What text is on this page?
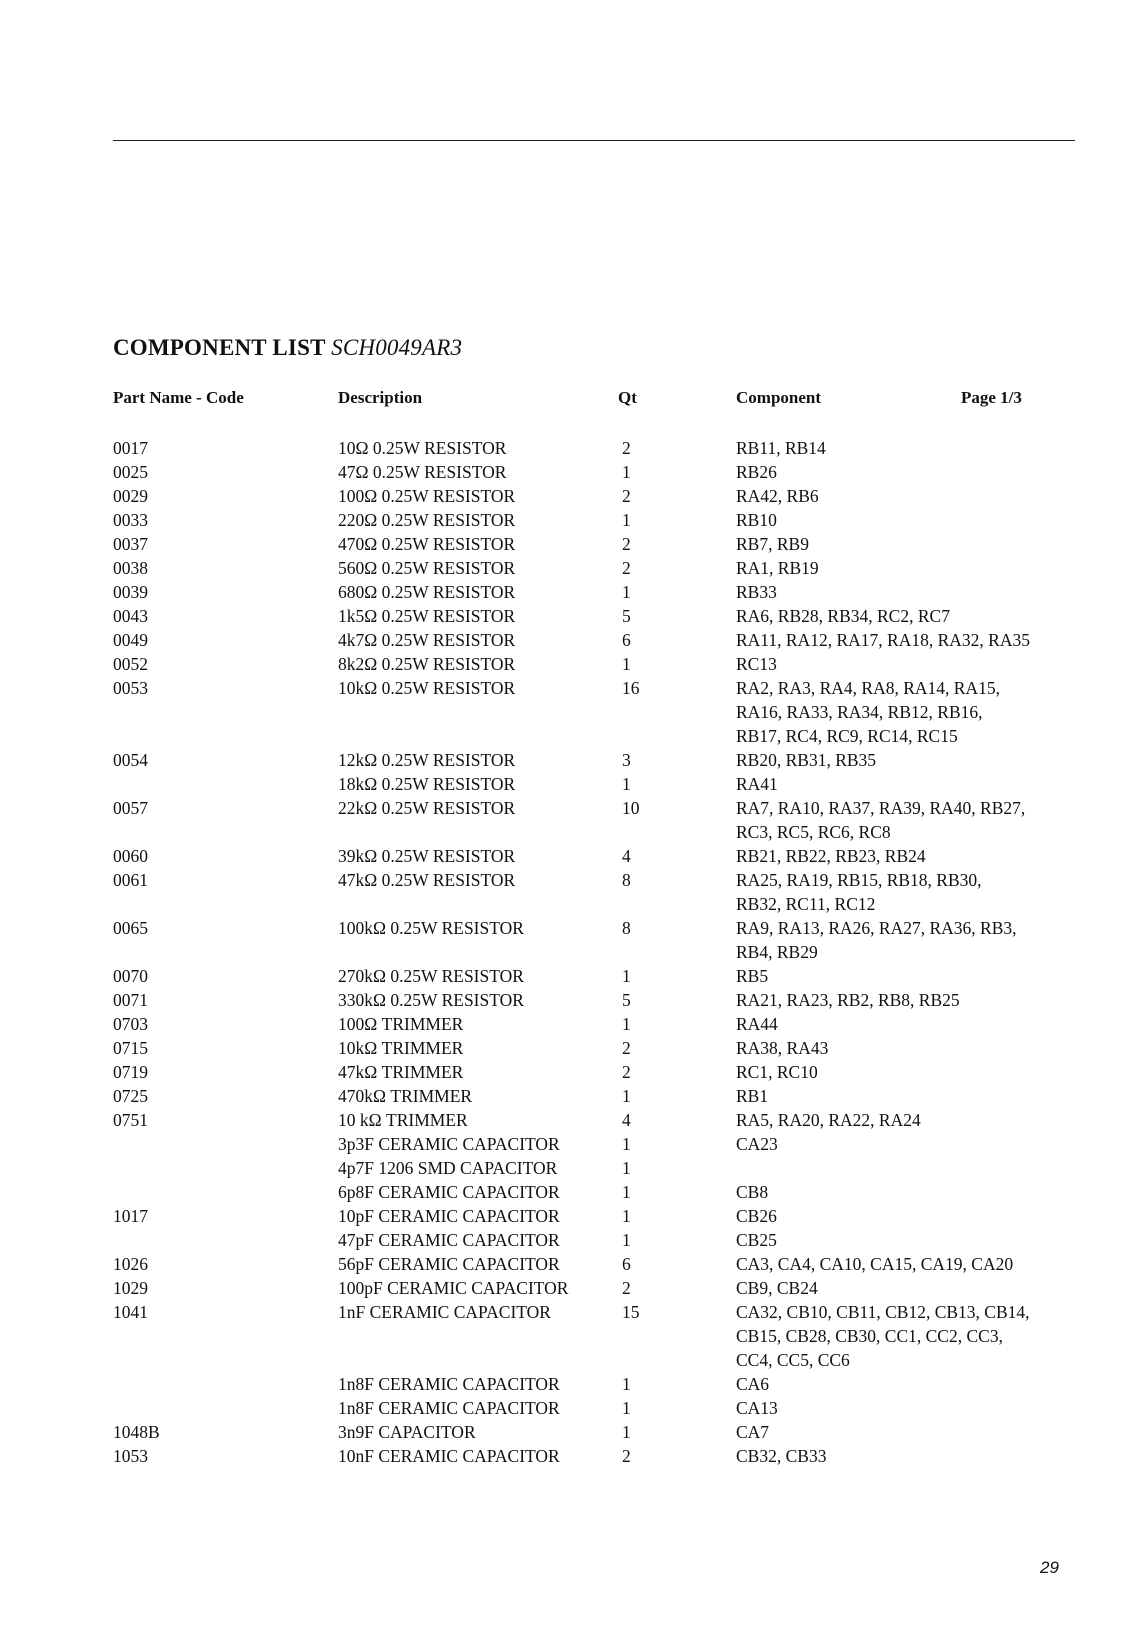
COMPONENT LIST SCH0049AR3
Part Name - Code	Description	Qt	Component	Page 1/3
0017	10Ω 0.25W RESISTOR	2	RB11, RB14
0025	47Ω 0.25W RESISTOR	1	RB26
0029	100Ω 0.25W RESISTOR	2	RA42, RB6
0033	220Ω 0.25W RESISTOR	1	RB10
0037	470Ω 0.25W RESISTOR	2	RB7, RB9
0038	560Ω 0.25W RESISTOR	2	RA1, RB19
0039	680Ω 0.25W RESISTOR	1	RB33
0043	1k5Ω 0.25W RESISTOR	5	RA6, RB28, RB34, RC2, RC7
0049	4k7Ω 0.25W RESISTOR	6	RA11, RA12, RA17, RA18, RA32, RA35
0052	8k2Ω 0.25W RESISTOR	1	RC13
0053	10kΩ 0.25W RESISTOR	16	RA2, RA3, RA4, RA8, RA14, RA15,
RA16, RA33, RA34, RB12, RB16,
RB17, RC4, RC9, RC14, RC15
0054	12kΩ 0.25W RESISTOR	3	RB20, RB31, RB35
18kΩ 0.25W RESISTOR	1	RA41
0057	22kΩ 0.25W RESISTOR	10	RA7, RA10, RA37, RA39, RA40, RB27,
RC3, RC5, RC6, RC8
0060	39kΩ 0.25W RESISTOR	4	RB21, RB22, RB23, RB24
0061	47kΩ 0.25W RESISTOR	8	RA25, RA19, RB15, RB18, RB30,
RB32, RC11, RC12
0065	100kΩ 0.25W RESISTOR	8	RA9, RA13, RA26, RA27, RA36, RB3,
RB4, RB29
0070	270kΩ 0.25W RESISTOR	1	RB5
0071	330kΩ 0.25W RESISTOR	5	RA21, RA23, RB2, RB8, RB25
0703	100Ω TRIMMER	1	RA44
0715	10kΩ TRIMMER	2	RA38, RA43
0719	47kΩ TRIMMER	2	RC1, RC10
0725	470kΩ TRIMMER	1	RB1
0751	10 kΩ TRIMMER	4	RA5, RA20, RA22, RA24
3p3F CERAMIC CAPACITOR	1	CA23
4p7F 1206 SMD CAPACITOR	1
6p8F CERAMIC CAPACITOR	1	CB8
1017	10pF CERAMIC CAPACITOR	1	CB26
47pF CERAMIC CAPACITOR	1	CB25
1026	56pF CERAMIC CAPACITOR	6	CA3, CA4, CA10, CA15, CA19, CA20
1029	100pF CERAMIC CAPACITOR	2	CB9, CB24
1041	1nF CERAMIC CAPACITOR	15	CA32, CB10, CB11, CB12, CB13, CB14,
CB15, CB28, CB30, CC1, CC2, CC3,
CC4, CC5, CC6
1n8F CERAMIC CAPACITOR	1	CA6
1n8F CERAMIC CAPACITOR	1	CA13
1048B	3n9F CAPACITOR	1	CA7
1053	10nF CERAMIC CAPACITOR	2	CB32, CB33
29
